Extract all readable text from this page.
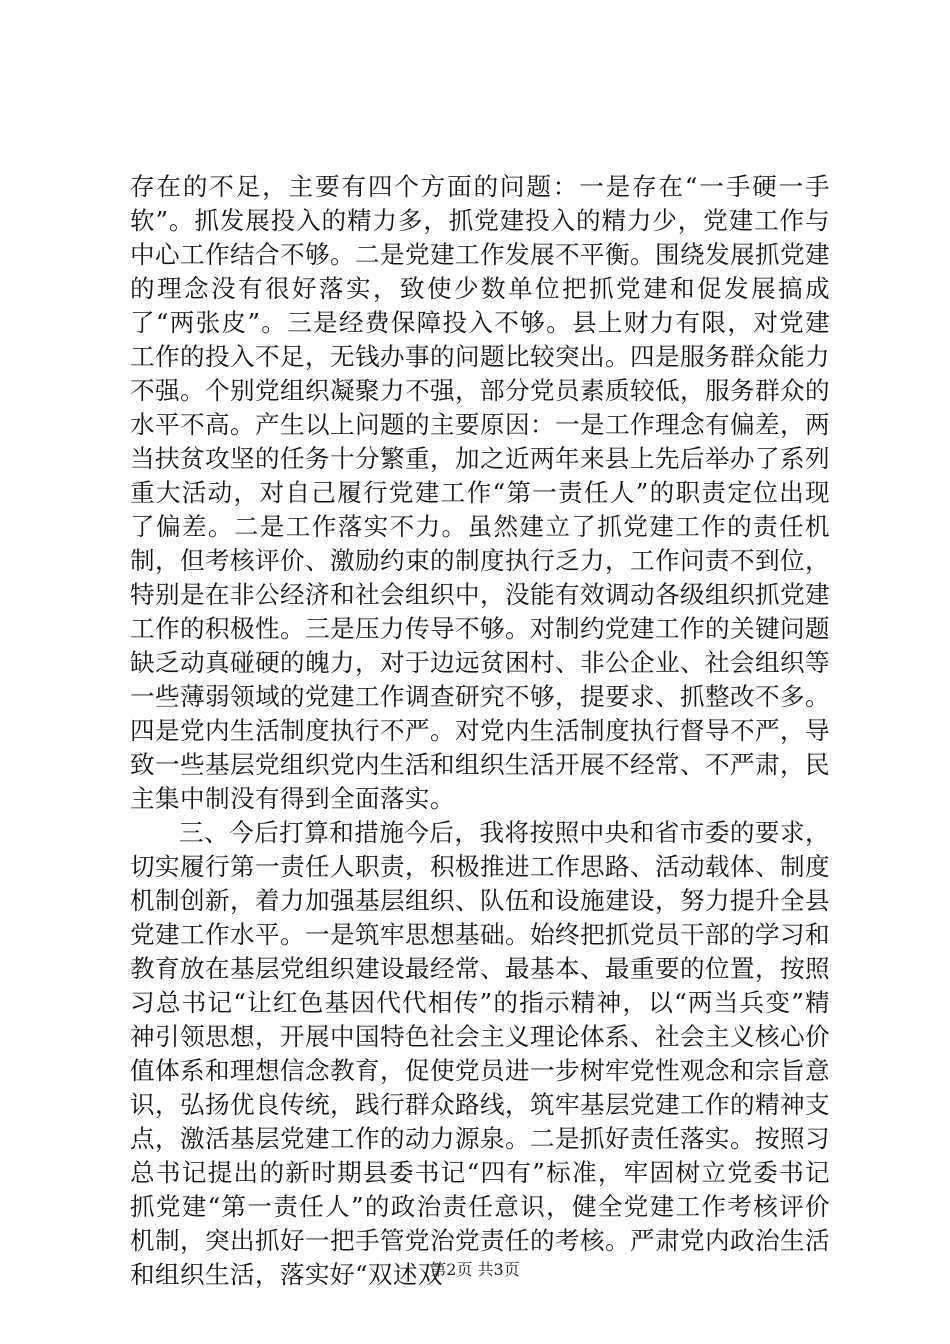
存在的不足，主要有四个方面的问题：一是存在“一手硬一手软”。抓发展投入的精力多，抓党建投入的精力少，党建工作与中心工作结合不够。二是党建工作发展不平衡。围绕发展抓党建的理念没有很好落实，致使少数单位把抓党建和促发展搞成了“两张皮”。三是经费保障投入不够。县上财力有限，对党建工作的投入不足，无钱办事的问题比较突出。四是服务群众能力不强。个别党组织凝聚力不强，部分党员素质较低，服务群众的水平不高。产生以上问题的主要原因：一是工作理念有偏差，两当扶贫攻坚的任务十分繁重，加之近两年来县上先后举办了系列重大活动，对自己履行党建工作“第一责任人”的职责定位出现了偏差。二是工作落实不力。虽然建立了抓党建工作的责任机制，但考核评价、激励约束的制度执行乏力，工作问责不到位，特别是在非公经济和社会组织中，没能有效调动各级组织抓党建工作的积极性。三是压力传导不够。对制约党建工作的关键问题缺乏动真碰硬的魄力，对于边远贫困村、非公企业、社会组织等一些薄弱领域的党建工作调查研究不够，提要求、抓整改不多。四是党内生活制度执行不严。对党内生活制度执行督导不严，导致一些基层党组织党内生活和组织生活开展不经常、不严肃，民主集中制没有得到全面落实。

三、今后打算和措施今后，我将按照中央和省市委的要求，切实履行第一责任人职责，积极推进工作思路、活动载体、制度机制创新，着力加强基层组织、队伍和设施建设，努力提升全县党建工作水平。一是筑牢思想基础。始终把抓党员干部的学习和教育放在基层党组织建设最经常、最基本、最重要的位置，按照习总书记“让红色基因代代相传”的指示精神，以“两当兵变”精神引领思想，开展中国特色社会主义理论体系、社会主义核心价值体系和理想信念教育，促使党员进一步树牢党性观念和宗旨意识，弘扬优良传统，践行群众路线，筑牢基层党建工作的精神支点，激活基层党建工作的动力源泉。二是抓好责任落实。按照习总书记提出的新时期县委书记“四有”标准，牢固树立党委书记抓党建“第一责任人”的政治责任意识，健全党建工作考核评价机制，突出抓好一把手管党治党责任的考核。严肃党内政治生活和组织生活，落实好“双述双

第2页 共3页
